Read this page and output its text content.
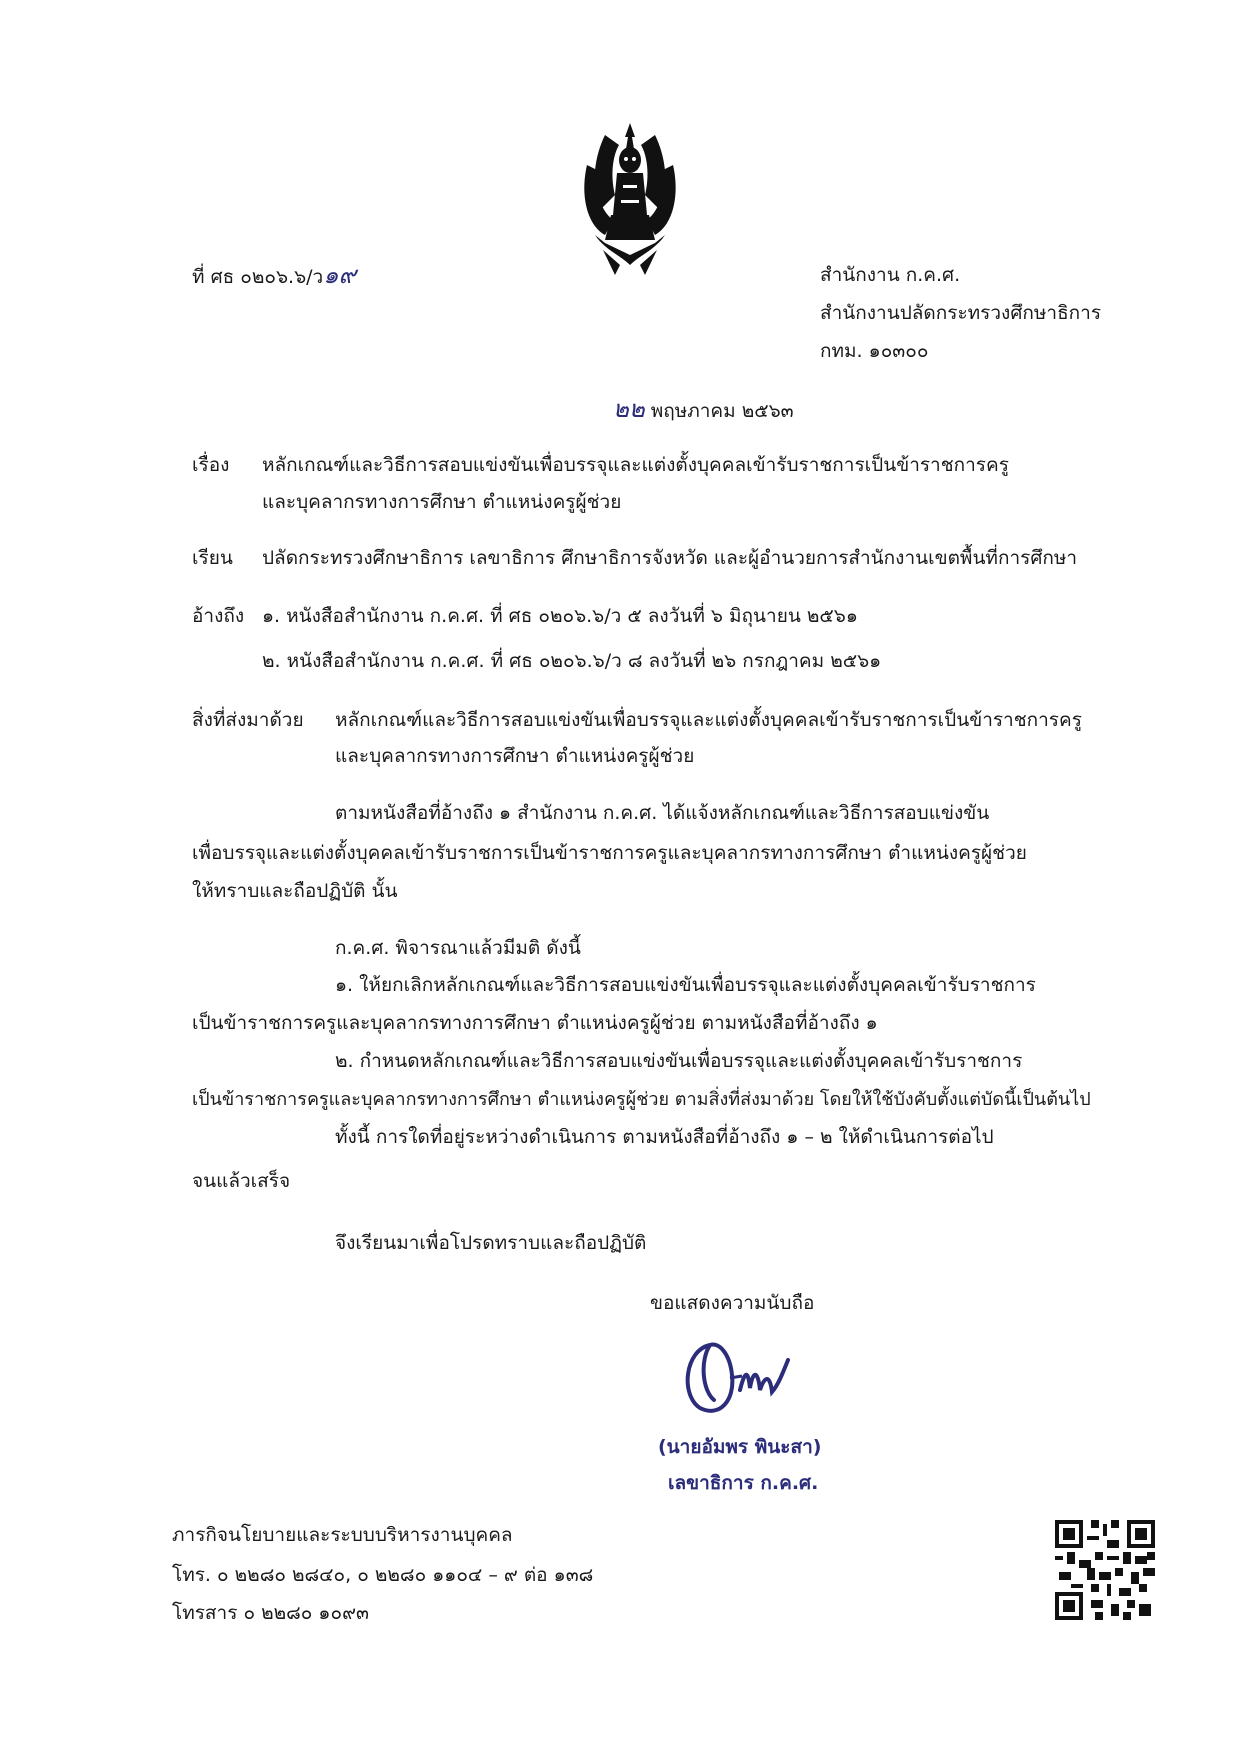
ที่ ศธ ๐๒๐๖.๖/ว๑๙	สำนักงาน ก.ค.ศ.
สำนักงานปลัดกระทรวงศึกษาธิการ
กทม. ๑๐๓๐๐
๒๒ พฤษภาคม ๒๕๖๓
เรื่อง หลักเกณฑ์และวิธีการสอบแข่งขันเพื่อบรรจุและแต่งตั้งบุคคลเข้ารับราชการเป็นข้าราชการครู
และบุคลากรทางการศึกษา ตำแหน่งครูผู้ช่วย
เรียน ปลัดกระทรวงศึกษาธิการ เลขาธิการ ศึกษาธิการจังหวัด และผู้อำนวยการสำนักงานเขตพื้นที่การศึกษา
อ้างถึง ๑. หนังสือสำนักงาน ก.ค.ศ. ที่ ศธ ๐๒๐๖.๖/ว ๕ ลงวันที่ ๖ มิถุนายน ๒๕๖๑
๒. หนังสือสำนักงาน ก.ค.ศ. ที่ ศธ ๐๒๐๖.๖/ว ๘ ลงวันที่ ๒๖ กรกฎาคม ๒๕๖๑
สิ่งที่ส่งมาด้วย หลักเกณฑ์และวิธีการสอบแข่งขันเพื่อบรรจุและแต่งตั้งบุคคลเข้ารับราชการเป็นข้าราชการครู
และบุคลากรทางการศึกษา ตำแหน่งครูผู้ช่วย
ตามหนังสือที่อ้างถึง ๑ สำนักงาน ก.ค.ศ. ได้แจ้งหลักเกณฑ์และวิธีการสอบแข่งขัน
เพื่อบรรจุและแต่งตั้งบุคคลเข้ารับราชการเป็นข้าราชการครูและบุคลากรทางการศึกษา ตำแหน่งครูผู้ช่วย
ให้ทราบและถือปฏิบัติ นั้น
ก.ค.ศ. พิจารณาแล้วมีมติ ดังนี้
๑. ให้ยกเลิกหลักเกณฑ์และวิธีการสอบแข่งขันเพื่อบรรจุและแต่งตั้งบุคคลเข้ารับราชการ
เป็นข้าราชการครูและบุคลากรทางการศึกษา ตำแหน่งครูผู้ช่วย ตามหนังสือที่อ้างถึง ๑
๒. กำหนดหลักเกณฑ์และวิธีการสอบแข่งขันเพื่อบรรจุและแต่งตั้งบุคคลเข้ารับราชการ
เป็นข้าราชการครูและบุคลากรทางการศึกษา ตำแหน่งครูผู้ช่วย ตามสิ่งที่ส่งมาด้วย โดยให้ใช้บังคับตั้งแต่บัดนี้เป็นต้นไป
ทั้งนี้ การใดที่อยู่ระหว่างดำเนินการ ตามหนังสือที่อ้างถึง ๑ – ๒ ให้ดำเนินการต่อไป
จนแล้วเสร็จ
จึงเรียนมาเพื่อโปรดทราบและถือปฏิบัติ
ขอแสดงความนับถือ
(นายอัมพร พินะสา)
เลขาธิการ ก.ค.ศ.
ภารกิจนโยบายและระบบบริหารงานบุคคล
โทร. ๐ ๒๒๘๐ ๒๘๔๐, ๐ ๒๒๘๐ ๑๑๐๔ – ๙ ต่อ ๑๓๘
โทรสาร ๐ ๒๒๘๐ ๑๐๙๓
